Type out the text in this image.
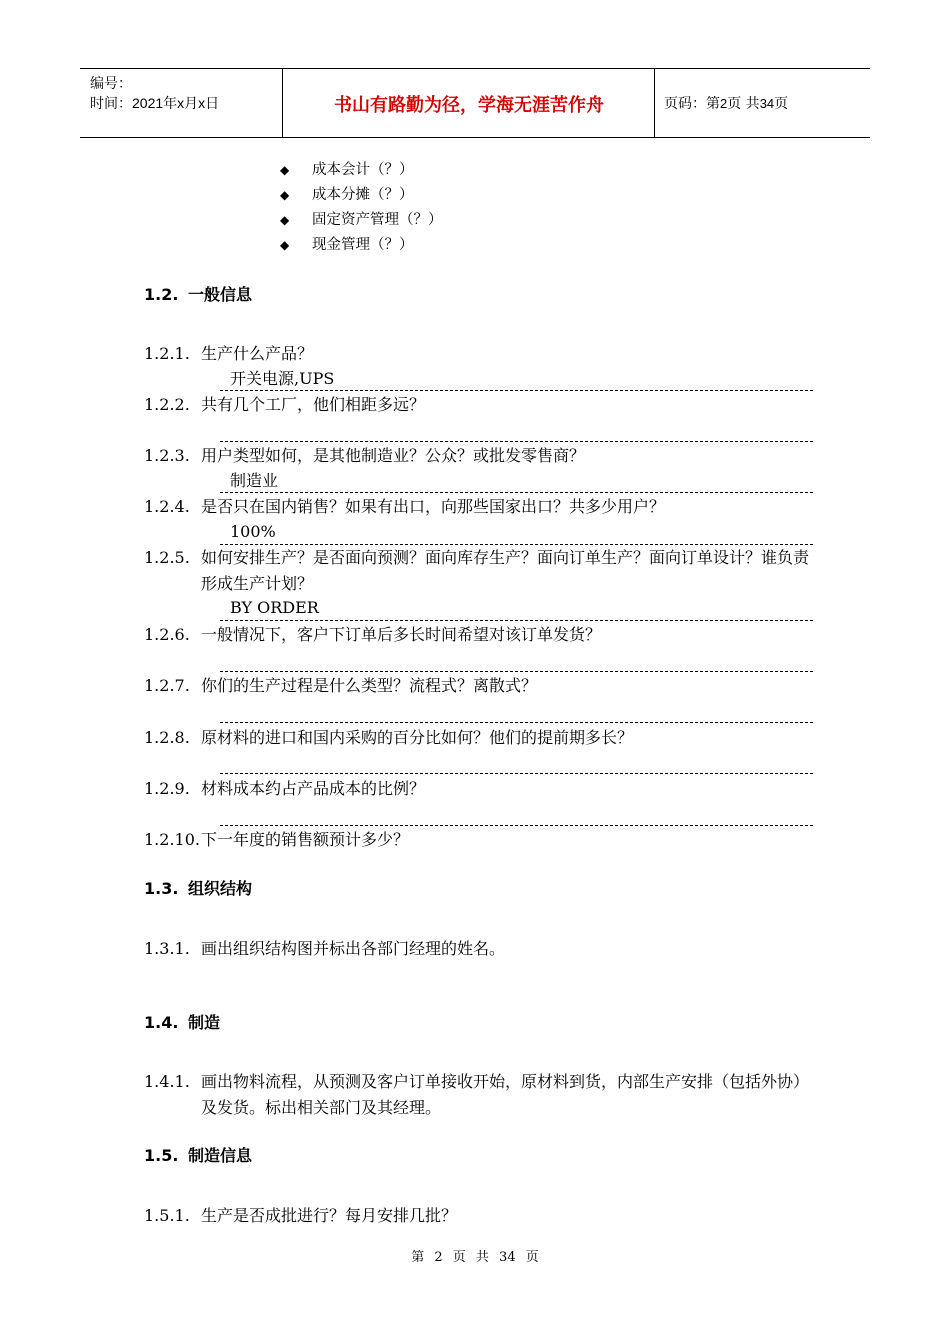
编号：
时间：2021年x月x日	书山有路勤为径，学海无涯苦作舟	页码：第2页 共34页
◆ 成本会计（？）
◆ 成本分摊（？）
◆ 固定资产管理（？）
◆ 现金管理（？）
1.2. 一般信息
1.2.1. 生产什么产品？
开关电源,UPS
1.2.2. 共有几个工厂，他们相距多远？
1.2.3. 用户类型如何，是其他制造业？公众？或批发零售商？
制造业
1.2.4. 是否只在国内销售？如果有出口，向那些国家出口？共多少用户？
100%
1.2.5. 如何安排生产？是否面向预测？面向库存生产？面向订单生产？面向订单设计？谁负责形成生产计划？
BY ORDER
1.2.6. 一般情况下，客户下订单后多长时间希望对该订单发货？
1.2.7. 你们的生产过程是什么类型？流程式？离散式？
1.2.8. 原材料的进口和国内采购的百分比如何？他们的提前期多长？
1.2.9. 材料成本约占产品成本的比例？
1.2.10. 下一年度的销售额预计多少？
1.3. 组织结构
1.3.1. 画出组织结构图并标出各部门经理的姓名。
1.4. 制造
1.4.1. 画出物料流程，从预测及客户订单接收开始，原材料到货，内部生产安排（包括外协）及发货。标出相关部门及其经理。
1.5. 制造信息
1.5.1. 生产是否成批进行？每月安排几批？
第 2 页 共 34 页
